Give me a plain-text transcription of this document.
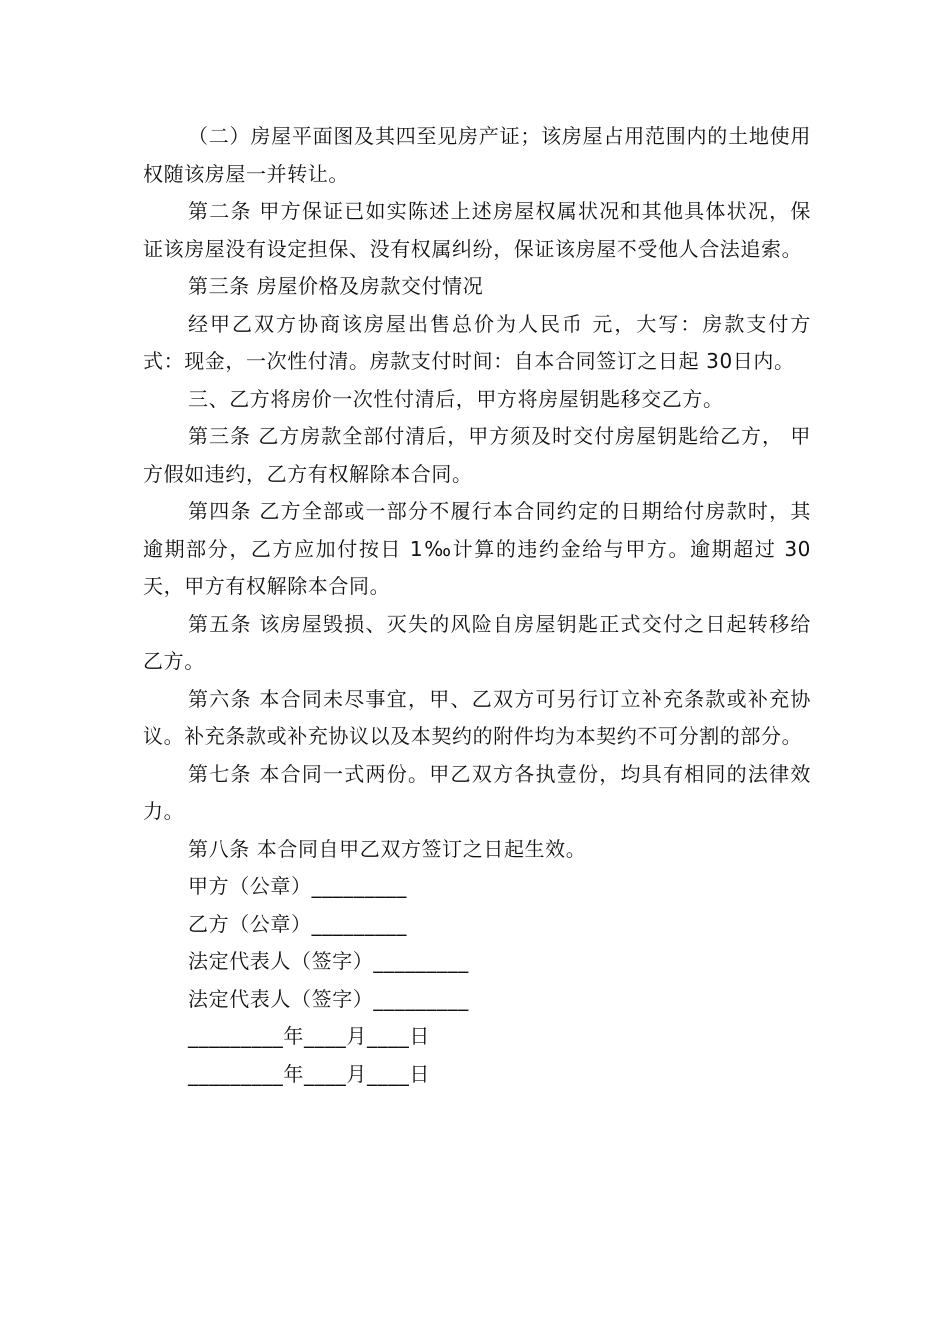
（二）房屋平面图及其四至见房产证；该房屋占用范围内的土地使用权随该房屋一并转让。

第二条 甲方保证已如实陈述上述房屋权属状况和其他具体状况，保证该房屋没有设定担保、没有权属纠纷，保证该房屋不受他人合法追索。

第三条 房屋价格及房款交付情况

经甲乙双方协商该房屋出售总价为人民币 元，大写：房款支付方式：现金，一次性付清。房款支付时间：自本合同签订之日起 30日内。

三、乙方将房价一次性付清后，甲方将房屋钥匙移交乙方。

第三条 乙方房款全部付清后，甲方须及时交付房屋钥匙给乙方， 甲方假如违约，乙方有权解除本合同。

第四条 乙方全部或一部分不履行本合同约定的日期给付房款时，其逾期部分，乙方应加付按日 1‰计算的违约金给与甲方。逾期超过 30 天，甲方有权解除本合同。

第五条 该房屋毁损、灭失的风险自房屋钥匙正式交付之日起转移给乙方。

第六条 本合同未尽事宜，甲、乙双方可另行订立补充条款或补充协议。补充条款或补充协议以及本契约的附件均为本契约不可分割的部分。

第七条 本合同一式两份。甲乙双方各执壹份，均具有相同的法律效力。

第八条 本合同自甲乙双方签订之日起生效。

甲方（公章）_________

乙方（公章）_________

法定代表人（签字）_________

法定代表人（签字）_________

_________年____月____日

_________年____月____日
